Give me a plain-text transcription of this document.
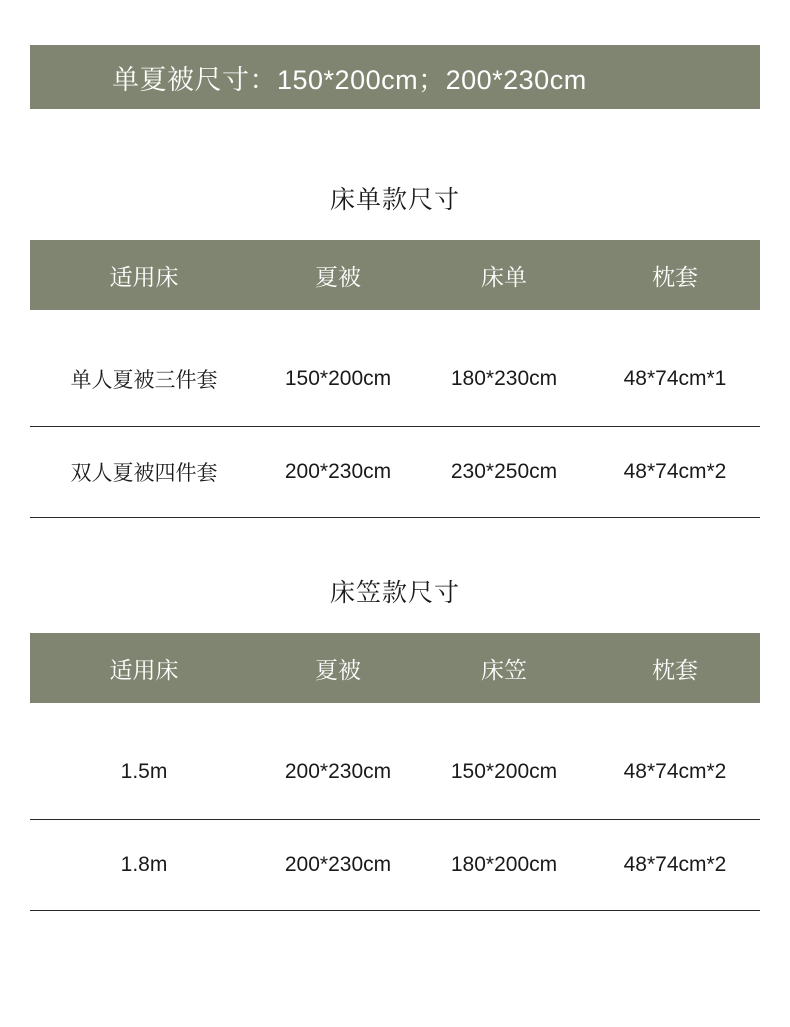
单夏被尺寸：150*200cm；200*230cm
床单款尺寸
适用床	夏被	床单	枕套
单人夏被三件套	150*200cm	180*230cm	48*74cm*1
双人夏被四件套	200*230cm	230*250cm	48*74cm*2
床笠款尺寸
适用床	夏被	床笠	枕套
1.5m	200*230cm	150*200cm	48*74cm*2
1.8m	200*230cm	180*200cm	48*74cm*2
